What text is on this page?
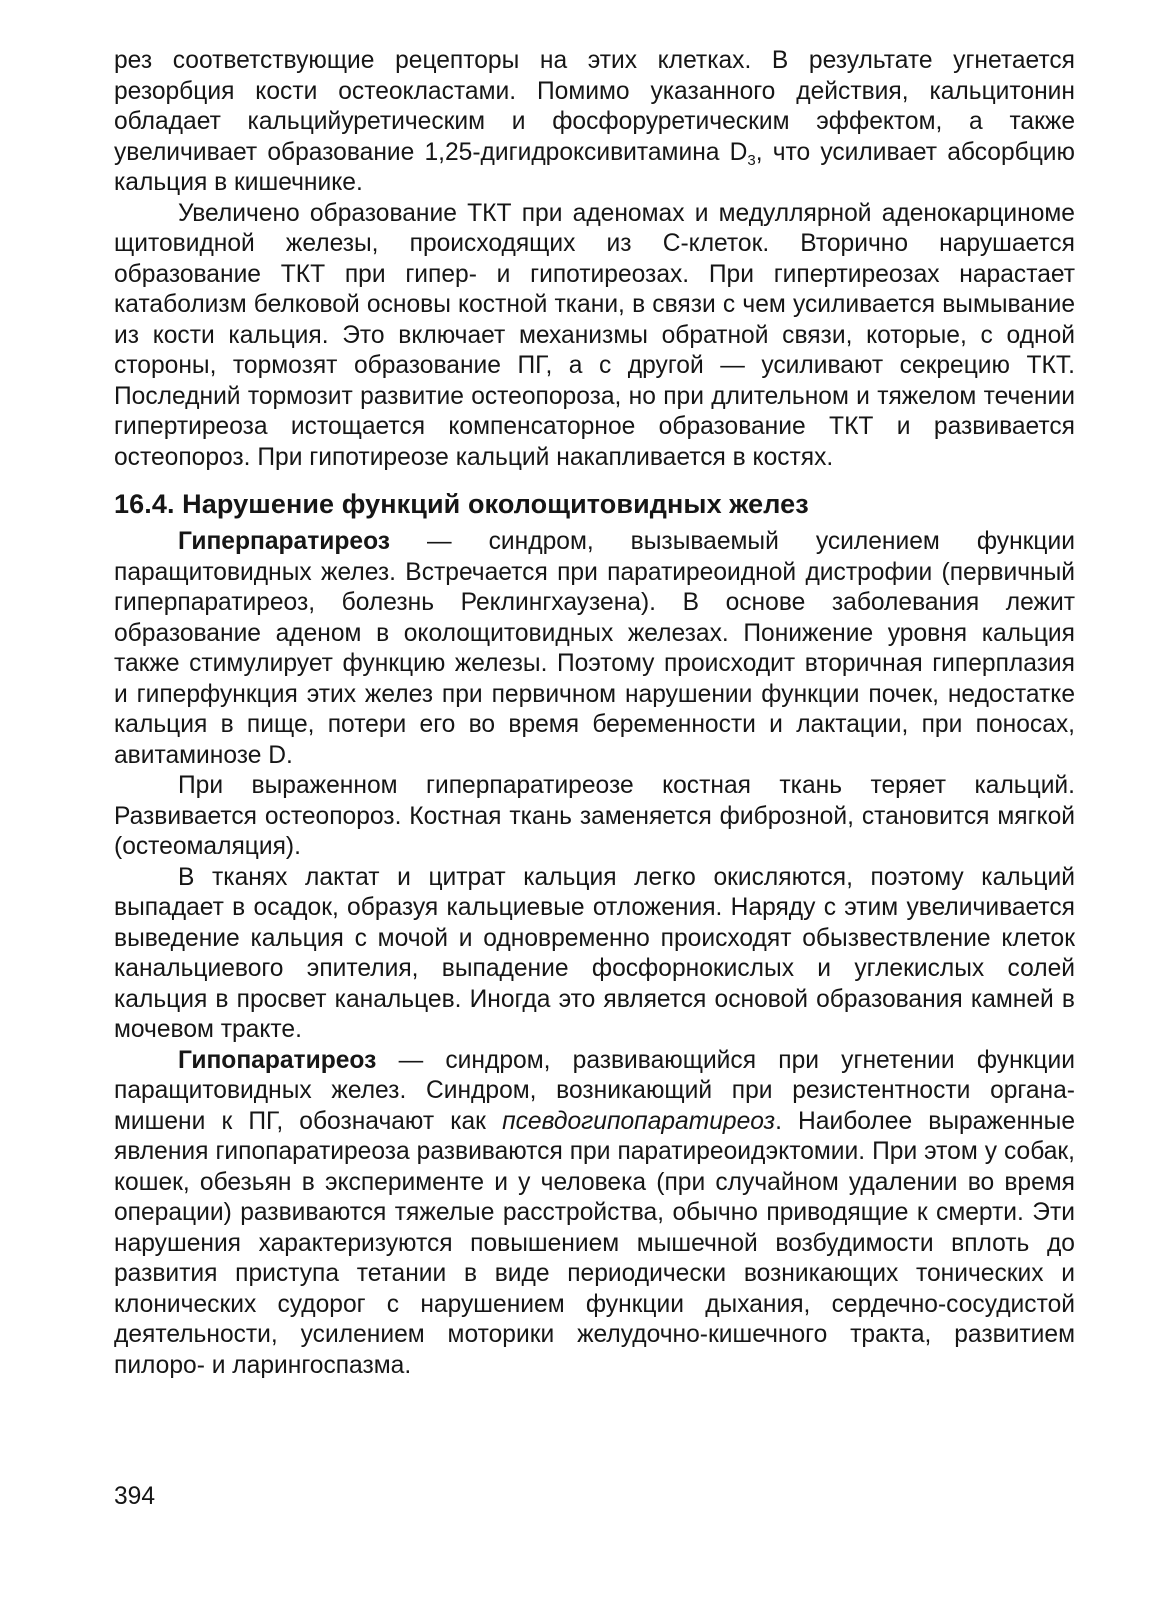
рез соответствующие рецепторы на этих клетках. В результате угнетается резорбция кости остеокластами. Помимо указанного действия, кальцитонин обладает кальцийуретическим и фосфоруретическим эффектом, а также увеличивает образование 1,25-дигидроксивитамина $D_3$, что усиливает абсорбцию кальция в кишечнике.

Увеличено образование ТКТ при аденомах и медуллярной аденокарциноме щитовидной железы, происходящих из С-клеток. Вторично нарушается образование ТКТ при гипер- и гипотиреозах. При гипертиреозах нарастает катаболизм белковой основы костной ткани, в связи с чем усиливается вымывание из кости кальция. Это включает механизмы обратной связи, которые, с одной стороны, тормозят образование ПГ, а с другой — усиливают секрецию ТКТ. Последний тормозит развитие остеопороза, но при длительном и тяжелом течении гипертиреоза истощается компенсаторное образование ТКТ и развивается остеопороз. При гипотиреозе кальций накапливается в костях.

16.4. Нарушение функций околощитовидных желез

Гиперпаратиреоз — синдром, вызываемый усилением функции паращитовидных желез. Встречается при паратиреоидной дистрофии (первичный гиперпаратиреоз, болезнь Реклингхаузена). В основе заболевания лежит образование аденом в околощитовидных железах. Понижение уровня кальция также стимулирует функцию железы. Поэтому происходит вторичная гиперплазия и гиперфункция этих желез при первичном нарушении функции почек, недостатке кальция в пище, потери его во время беременности и лактации, при поносах, авитаминозе D.

При выраженном гиперпаратиреозе костная ткань теряет кальций. Развивается остеопороз. Костная ткань заменяется фиброзной, становится мягкой (остеомаляция).

В тканях лактат и цитрат кальция легко окисляются, поэтому кальций выпадает в осадок, образуя кальциевые отложения. Наряду с этим увеличивается выведение кальция с мочой и одновременно происходят обызвествление клеток канальциевого эпителия, выпадение фосфорнокислых и углекислых солей кальция в просвет канальцев. Иногда это является основой образования камней в мочевом тракте.

Гипопаратиреоз — синдром, развивающийся при угнетении функции паращитовидных желез. Синдром, возникающий при резистентности органа-мишени к ПГ, обозначают как псевдогипопаратиреоз. Наиболее выраженные явления гипопаратиреоза развиваются при паратиреоидэктомии. При этом у собак, кошек, обезьян в эксперименте и у человека (при случайном удалении во время операции) развиваются тяжелые расстройства, обычно приводящие к смерти. Эти нарушения характеризуются повышением мышечной возбудимости вплоть до развития приступа тетании в виде периодически возникающих тонических и клонических судорог с нарушением функции дыхания, сердечно-сосудистой деятельности, усилением моторики желудочно-кишечного тракта, развитием пилоро- и ларингоспазма.

394
